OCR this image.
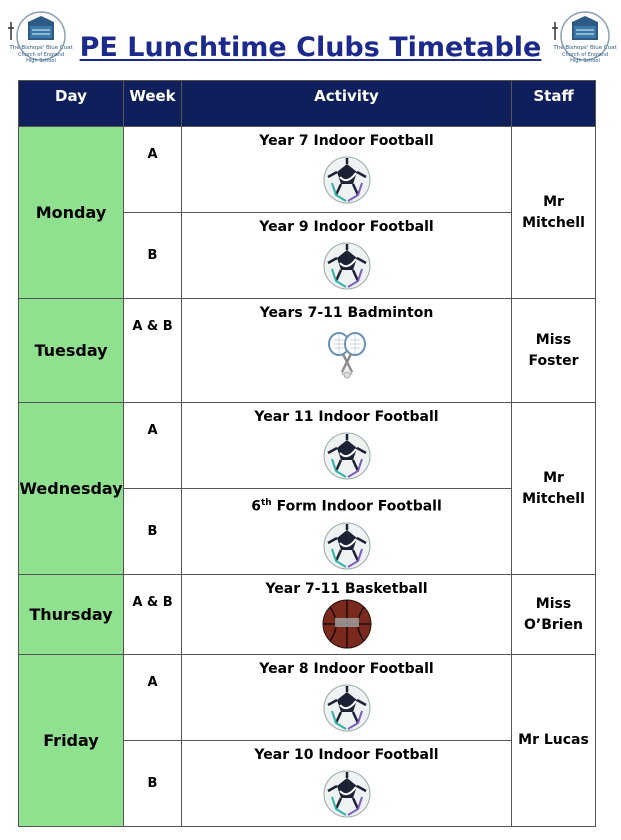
The Bishops' Blue Coat
Church of England
High School
The Bishops' Blue Coat
Church of England
High School
PE Lunchtime Clubs Timetable
Day	Week	Activity	Staff
Monday	A	Year 7 Indoor Football	Mr
Mitchell

	B	Year 9 Indoor Football	

Tuesday	A & B	Years 7-11 Badminton	Miss
Foster

Wednesday	A	Year 11 Indoor Football	Mr
Mitchell

	B	6th Form Indoor Football	

Thursday	A & B	Year 7-11 Basketball	Miss
O’Brien

Friday	A	Year 8 Indoor Football	Mr Lucas
	B	Year 10 Indoor Football	
